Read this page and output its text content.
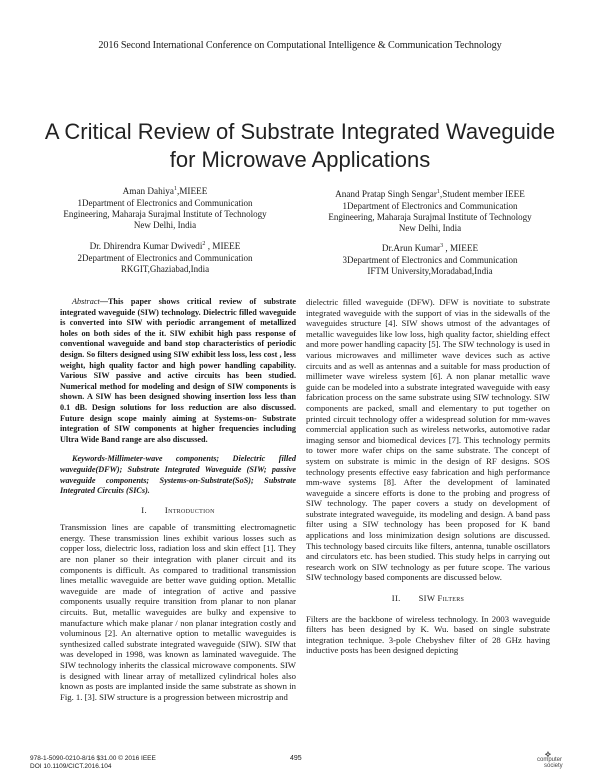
2016 Second International Conference on Computational Intelligence & Communication Technology
A Critical Review of Substrate Integrated Waveguide
for Microwave Applications
Aman Dahiya$^1$,MIEEE
1Department of Electronics and Communication
Engineering, Maharaja Surajmal Institute of Technology
New Delhi, India
Anand Pratap Singh Sengar$^1$,Student member IEEE
1Department of Electronics and Communication
Engineering, Maharaja Surajmal Institute of Technology
New Delhi, India
Dr. Dhirendra Kumar Dwivedi$^2$ , MIEEE
2Department of Electronics and Communication
RKGIT,Ghaziabad,India
Dr.Arun Kumar$^3$ , MIEEE
3Department of Electronics and Communication
IFTM University,Moradabad,India

Abstract—This paper shows critical review of substrate integrated waveguide (SIW) technology. Dielectric filled waveguide is converted into SIW with periodic arrangement of metallized holes on both sides of the it. SIW exhibit high pass response of conventional waveguide and band stop characteristics of periodic design. So filters designed using SIW exhibit less loss, less cost , less weight, high quality factor and high power handling capability. Various SIW passive and active circuits has been studied. Numerical method for modeling and design of SIW components is shown. A SIW has been designed showing insertion loss less than 0.1 dB. Design solutions for loss reduction are also discussed. Future design scope mainly aiming at Systems-on- Substrate integration of SIW components at higher frequencies including Ultra Wide Band range are also discussed.

Keywords-Millimeter-wave components; Dielectric filled waveguide(DFW); Substrate Integrated Waveguide (SIW; passive waveguide components; Systems-on-Substrate(SoS); Substrate Integrated Circuits (SICs).

I. Introduction

Transmission lines are capable of transmitting electromagnetic energy. These transmission lines exhibit various losses such as copper loss, dielectric loss, radiation loss and skin effect [1]. They are non planer so their integration with planer circuit and its components is difficult. As compared to traditional transmission lines metallic waveguide are better wave guiding option. Metallic waveguide are made of integration of active and passive components usually require transition from planar to non planar circuits. But, metallic waveguides are bulky and expensive to manufacture which make planar / non planar integration costly and voluminous [2]. An alternative option to metallic waveguides is synthesized called substrate integrated waveguide (SIW). SIW that was developed in 1998, was known as laminated waveguide. The SIW technology inherits the classical microwave components. SIW is designed with linear array of metallized cylindrical holes also known as posts are implanted inside the same substrate as shown in Fig. 1. [3]. SIW structure is a progression between microstrip and

dielectric filled waveguide (DFW). DFW is novitiate to substrate integrated waveguide with the support of vias in the sidewalls of the waveguides structure [4]. SIW shows utmost of the advantages of metallic waveguides like low loss, high quality factor, shielding effect and more power handling capacity [5]. The SIW technology is used in various microwaves and millimeter wave devices such as active circuits and as well as antennas and a suitable for mass production of millimeter wave wireless system [6]. A non planar metallic wave guide can be modeled into a substrate integrated waveguide with easy fabrication process on the same substrate using SIW technology. SIW components are packed, small and elementary to put together on printed circuit technology offer a widespread solution for mm-waves commercial application such as wireless networks, automotive radar imaging sensor and biomedical devices [7]. This technology permits to tower more wafer chips on the same substrate. The concept of system on substrate is mimic in the design of RF designs. SOS technology presents effective easy fabrication and high performance mm-wave systems [8]. After the development of laminated waveguide a sincere efforts is done to the probing and progress of SIW technology. The paper covers a study on development of substrate integrated waveguide, its modeling and design. A band pass filter using a SIW technology has been proposed for K band applications and loss minimization design solutions are discussed. This technology based circuits like filters, antenna, tunable oscillators and circulators etc. has been studied. This study helps in carrying out research work on SIW technology as per future scope. The various SIW technology based components are discussed below.

II. SIW Filters

Filters are the backbone of wireless technology. In 2003 waveguide filters has been designed by K. Wu. based on single substrate integration technique. 3-pole Chebyshev filter of 28 GHz having inductive posts has been designed depicting

978-1-5090-0210-8/16 $31.00 © 2016 IEEE
DOI 10.1109/CICT.2016.104
495	⟡
computer
society
